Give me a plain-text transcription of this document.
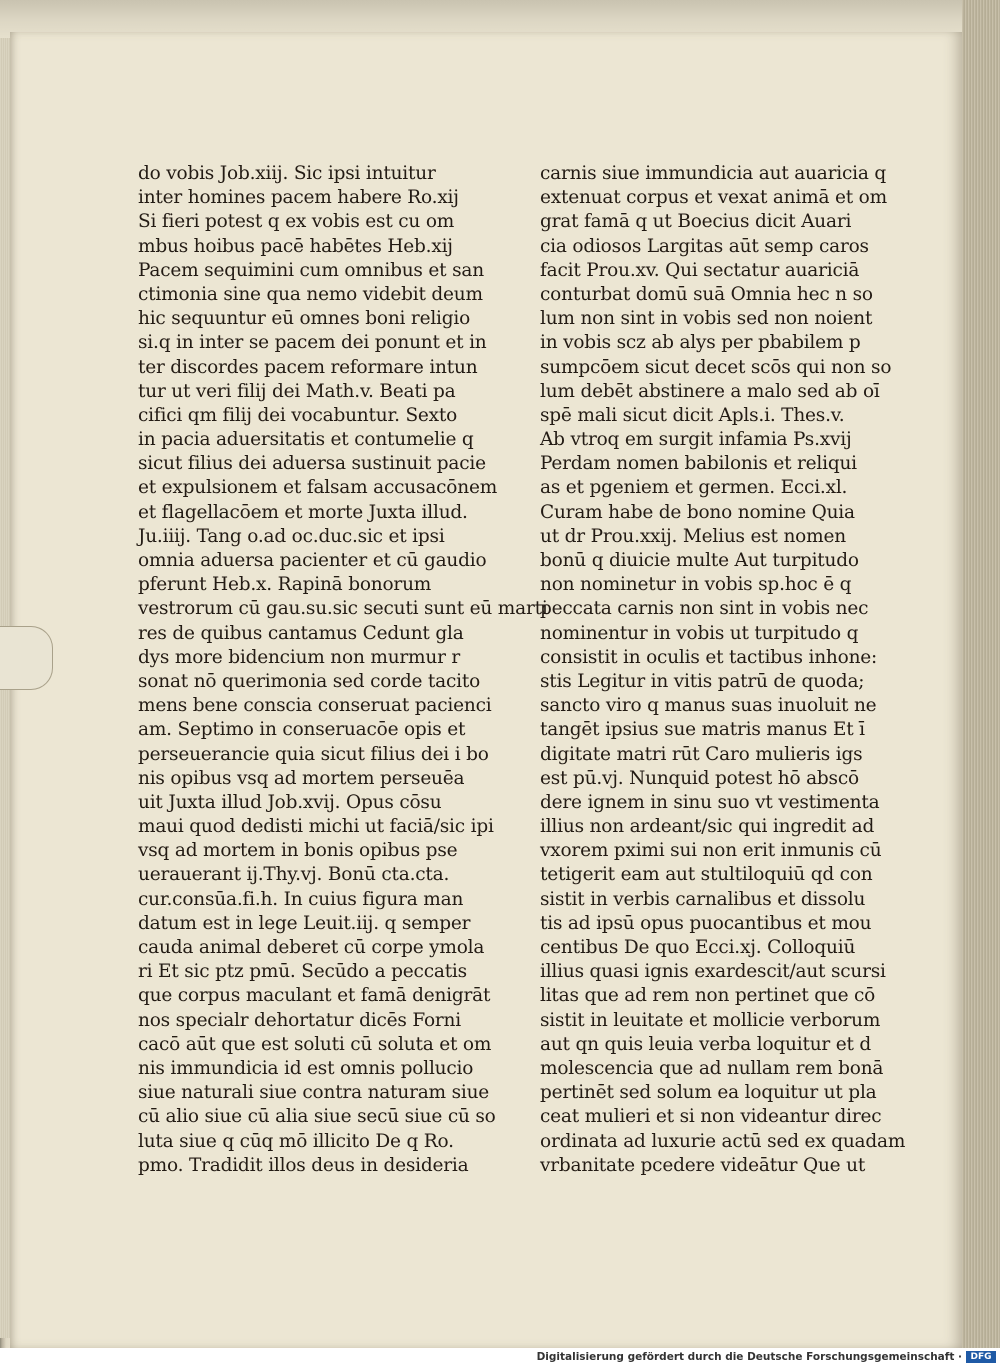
do vobis Job.xiij. Sic ipsi intuitur
inter homines pacem habere Ro.xij
Si fieri potest q ex vobis est cu om
mbus hoibus pacē habētes Heb.xij
Pacem sequimini cum omnibus et san
ctimonia sine qua nemo videbit deum
hic sequuntur eū omnes boni religio
si.q in inter se pacem dei ponunt et in
ter discordes pacem reformare intun
tur ut veri filij dei Math.v. Beati pa
cifici qm filij dei vocabuntur. Sexto
in pacia aduersitatis et contumelie q
sicut filius dei aduersa sustinuit pacie
et expulsionem et falsam accusacōnem
et flagellacōem et morte Juxta illud.
Ju.iiij. Tang o.ad oc.duc.sic et ipsi
omnia aduersa pacienter et cū gaudio
pferunt Heb.x. Rapinā bonorum
vestrorum cū gau.su.sic secuti sunt eū marti
res de quibus cantamus Cedunt gla
dys more bidencium non murmur r
sonat nō querimonia sed corde tacito
mens bene conscia conseruat pacienci
am. Septimo in conseruacōe opis et
perseuerancie quia sicut filius dei i bo
nis opibus vsq ad mortem perseuēa
uit Juxta illud Job.xvij. Opus cōsu
maui quod dedisti michi ut faciā/sic ipi
vsq ad mortem in bonis opibus pse
uerauerant ij.Thy.vj. Bonū cta.cta.
cur.consūa.fi.h. In cuius figura man
datum est in lege Leuit.iij. q semper
cauda animal deberet cū corpe ymola
ri Et sic ptz pmū. Secūdo a peccatis
que corpus maculant et famā denigrāt
nos specialr dehortatur dicēs Forni
cacō aūt que est soluti cū soluta et om
nis immundicia id est omnis pollucio
siue naturali siue contra naturam siue
cū alio siue cū alia siue secū siue cū so
luta siue q cūq mō illicito De q Ro.
pmo. Tradidit illos deus in desideria
carnis siue immundicia aut auaricia q
extenuat corpus et vexat animā et om
grat famā q ut Boecius dicit Auari
cia odiosos Largitas aūt semp caros
facit Prou.xv. Qui sectatur auariciā
conturbat domū suā Omnia hec n so
lum non sint in vobis sed non noient
in vobis scz ab alys per pbabilem p
sumpcōem sicut decet scōs qui non so
lum debēt abstinere a malo sed ab oī
spē mali sicut dicit Apls.i. Thes.v.
Ab vtroq em surgit infamia Ps.xvij
Perdam nomen babilonis et reliqui
as et pgeniem et germen. Ecci.xl.
Curam habe de bono nomine Quia
ut dr Prou.xxij. Melius est nomen
bonū q diuicie multe Aut turpitudo
non nominetur in vobis sp.hoc ē q
peccata carnis non sint in vobis nec
nominentur in vobis ut turpitudo q
consistit in oculis et tactibus inhone:
stis Legitur in vitis patrū de quoda;
sancto viro q manus suas inuoluit ne
tangēt ipsius sue matris manus Et ī
digitate matri rūt Caro mulieris igs
est pū.vj. Nunquid potest hō abscō
dere ignem in sinu suo vt vestimenta
illius non ardeant/sic qui ingredit ad
vxorem pximi sui non erit inmunis cū
tetigerit eam aut stultiloquiū qd con
sistit in verbis carnalibus et dissolu
tis ad ipsū opus puocantibus et mou
centibus De quo Ecci.xj. Colloquiū
illius quasi ignis exardescit/aut scursi
litas que ad rem non pertinet que cō
sistit in leuitate et mollicie verborum
aut qn quis leuia verba loquitur et d
molescencia que ad nullam rem bonā
pertinēt sed solum ea loquitur ut pla
ceat mulieri et si non videantur direc
ordinata ad luxurie actū sed ex quadam
vrbanitate pcedere videātur Que ut
Digitalisierung gefördert durch die Deutsche Forschungsgemeinschaft · DFG
